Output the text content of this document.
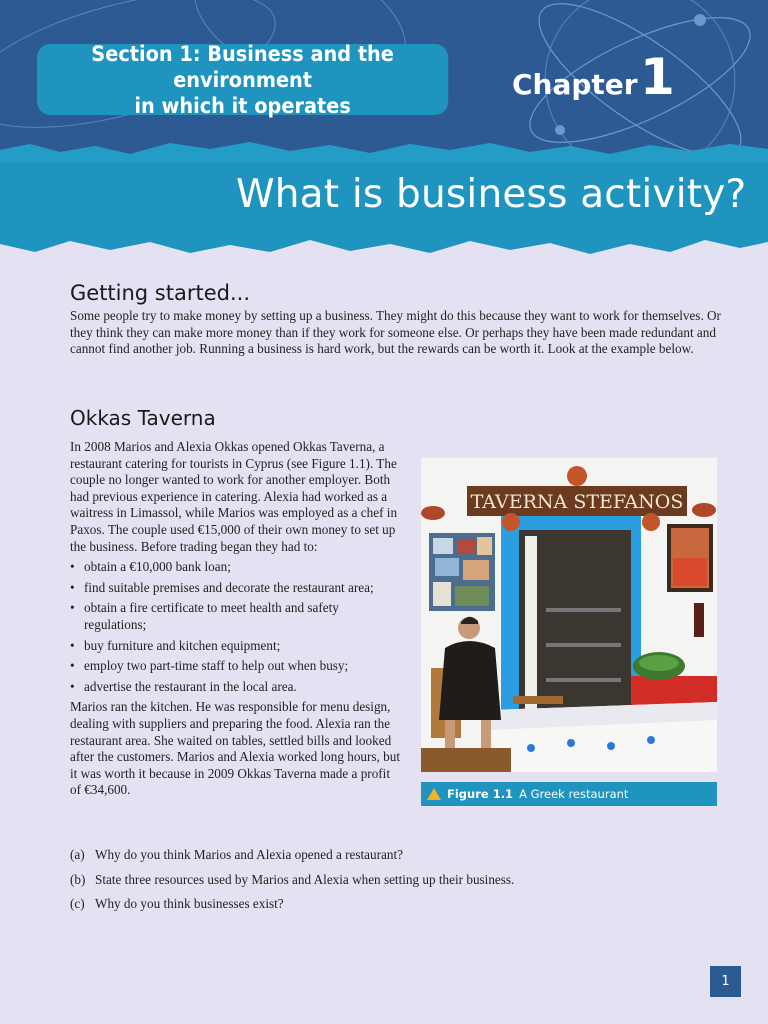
Section 1: Business and the environment
in which it operates
Chapter 1
What is business activity?
Getting started...

Some people try to make money by setting up a business. They might do this because they want to work for themselves. Or they think they can make more money than if they work for someone else. Or perhaps they have been made redundant and cannot find another job. Running a business is hard work, but the rewards can be worth it. Look at the example below.

Okkas Taverna

In 2008 Marios and Alexia Okkas opened Okkas Taverna, a restaurant catering for tourists in Cyprus (see Figure 1.1). The couple no longer wanted to work for another employer. Both had previous experience in catering. Alexia had worked as a waitress in Limassol, while Marios was employed as a chef in Paxos. The couple used €15,000 of their own money to set up the business. Before trading began they had to:

• obtain a €10,000 bank loan;
• find suitable premises and decorate the restaurant area;
• obtain a fire certificate to meet health and safety regulations;
• buy furniture and kitchen equipment;
• employ two part-time staff to help out when busy;
• advertise the restaurant in the local area.

Marios ran the kitchen. He was responsible for menu design, dealing with suppliers and preparing the food. Alexia ran the restaurant area. She waited on tables, settled bills and looked after the customers. Marios and Alexia worked long hours, but it was worth it because in 2009 Okkas Taverna made a profit of €34,600.

TAVERNA STEFANOS
Figure 1.1 A Greek restaurant
(a) Why do you think Marios and Alexia opened a restaurant?
(b) State three resources used by Marios and Alexia when setting up their business.
(c) Why do you think businesses exist?
1
